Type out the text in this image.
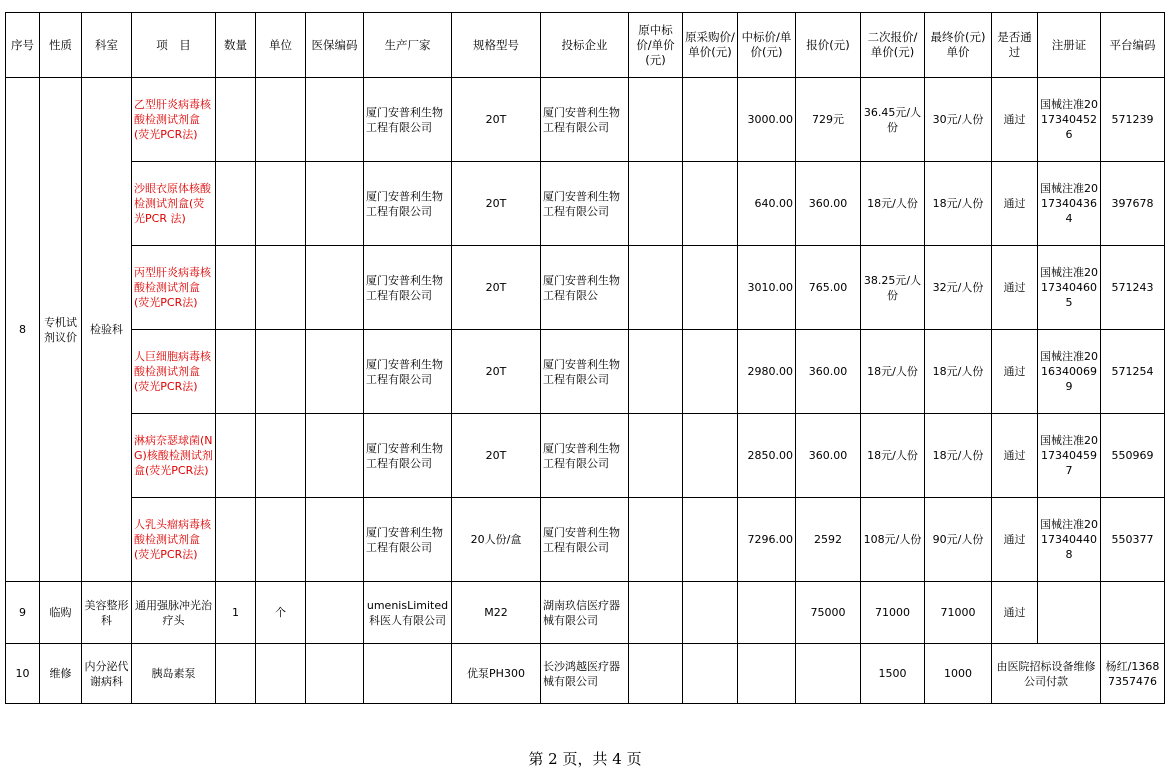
序号	性质	科室	项　目	数量	单位	医保编码	生产厂家	规格型号	投标企业	原中标价/单价(元)	原采购价/单价(元)	中标价/单价(元)	报价(元)	二次报价/单价(元)	最终价(元)单价	是否通过	注册证	平台编码
8	专机试剂议价	检验科	乙型肝炎病毒核酸检测试剂盒(荧光PCR法)				厦门安普利生物工程有限公司	20T	厦门安普利生物工程有限公司			3000.00	729元	36.45元/人份	30元/人份	通过	国械注准20173404526	571239
			沙眼衣原体核酸检测试剂盒(荧光PCR 法)				厦门安普利生物工程有限公司	20T	厦门安普利生物工程有限公司			640.00	360.00	18元/人份	18元/人份	通过	国械注准20173404364	397678
			丙型肝炎病毒核酸检测试剂盒(荧光PCR法)				厦门安普利生物工程有限公司	20T	厦门安普利生物工程有限公			3010.00	765.00	38.25元/人份	32元/人份	通过	国械注准20173404605	571243
			人巨细胞病毒核酸检测试剂盒(荧光PCR法)				厦门安普利生物工程有限公司	20T	厦门安普利生物工程有限公司			2980.00	360.00	18元/人份	18元/人份	通过	国械注准20163400699	571254
			淋病奈瑟球菌(NG)核酸检测试剂盒(荧光PCR法)				厦门安普利生物工程有限公司	20T	厦门安普利生物工程有限公司			2850.00	360.00	18元/人份	18元/人份	通过	国械注准20173404597	550969
			人乳头瘤病毒核酸检测试剂盒(荧光PCR法)				厦门安普利生物工程有限公司	20人份/盒	厦门安普利生物工程有限公司			7296.00	2592	108元/人份	90元/人份	通过	国械注准20173404408	550377
9	临购	美容整形科	通用强脉冲光治疗头	1	个		umenisLimited科医人有限公司	M22	湖南玖信医疗器械有限公司				75000	71000	71000	通过		
10	维修	内分泌代谢病科	胰岛素泵					优泵PH300	长沙鸿越医疗器械有限公司					1500	1000	由医院招标设备维修公司付款		杨红/13687357476
第 2 页，共 4 页
